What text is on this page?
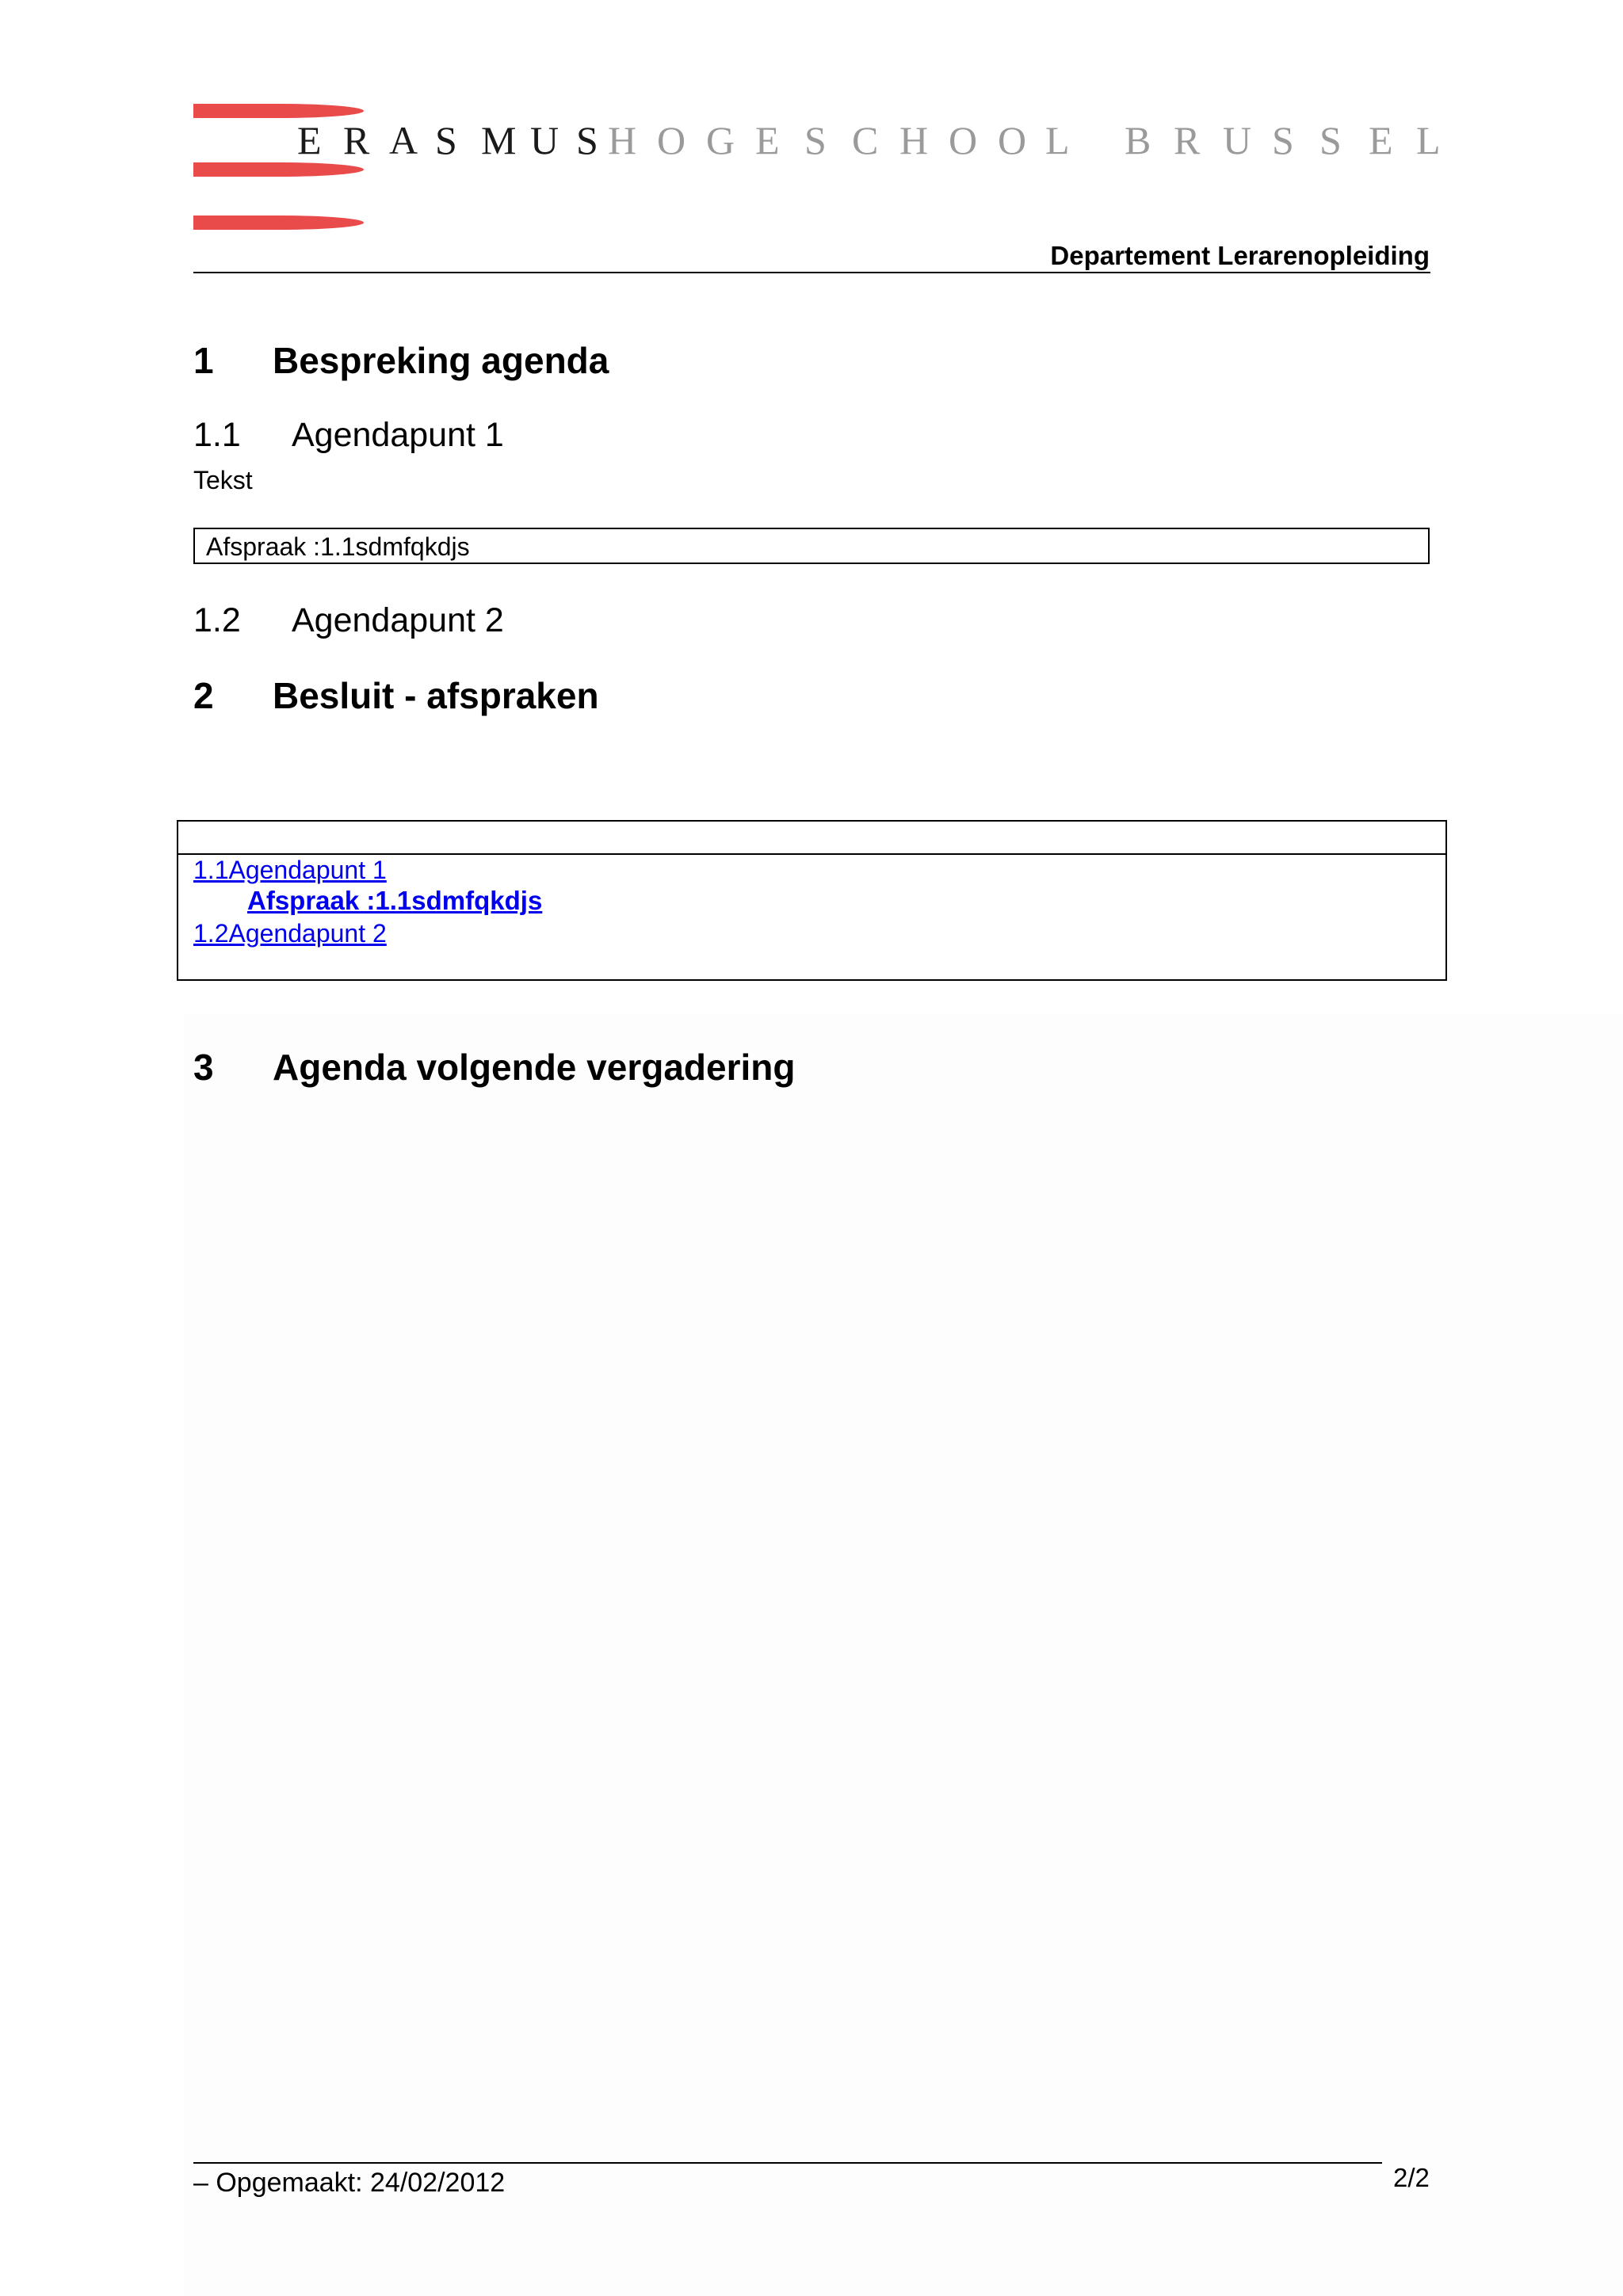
E R A S M U S H O G E S C H O O L	B R U S S E L
Departement Lerarenopleiding
1	Bespreking agenda
1.1	Agendapunt 1
Tekst
Afspraak :1.1sdmfqkdjs
1.2	Agendapunt 2
2	Besluit - afspraken
1.1Agendapunt 1
Afspraak :1.1sdmfqkdjs
1.2Agendapunt 2
3	Agenda volgende vergadering
– Opgemaakt: 24/02/2012	2/2
